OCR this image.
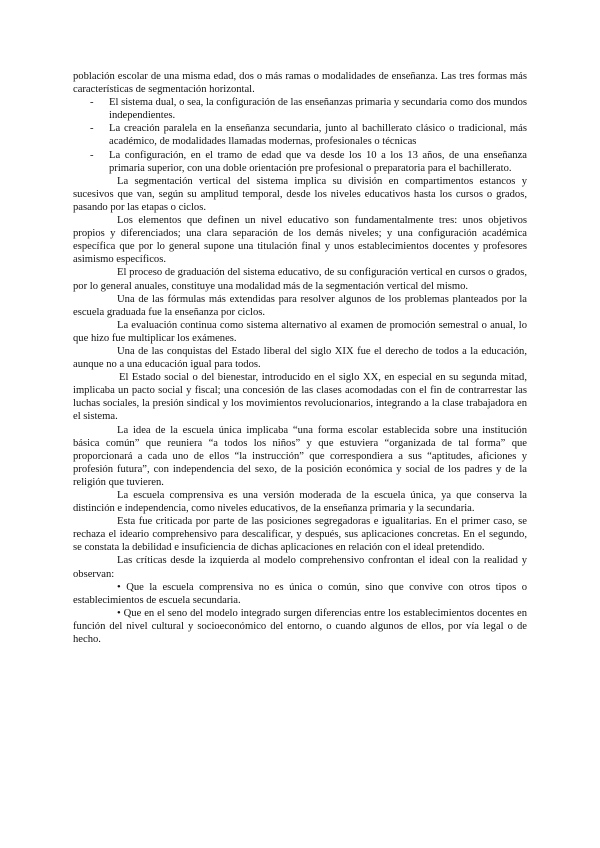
población escolar de una misma edad, dos o más ramas o modalidades de enseñanza. Las tres formas más características de segmentación horizontal.

- El sistema dual, o sea, la configuración de las enseñanzas primaria y secundaria como dos mundos independientes.
- La creación paralela en la enseñanza secundaria, junto al bachillerato clásico o tradicional, más académico, de modalidades llamadas modernas, profesionales o técnicas
- La configuración, en el tramo de edad que va desde los 10 a los 13 años, de una enseñanza primaria superior, con una doble orientación pre profesional o preparatoria para el bachillerato.

La segmentación vertical del sistema implica su división en compartimentos estancos y sucesivos que van, según su amplitud temporal, desde los niveles educativos hasta los cursos o grados, pasando por las etapas o ciclos.

Los elementos que definen un nivel educativo son fundamentalmente tres: unos objetivos propios y diferenciados; una clara separación de los demás niveles; y una configuración académica específica que por lo general supone una titulación final y unos establecimientos docentes y profesores asimismo específicos.

El proceso de graduación del sistema educativo, de su configuración vertical en cursos o grados, por lo general anuales, constituye una modalidad más de la segmentación vertical del mismo.

Una de las fórmulas más extendidas para resolver algunos de los problemas planteados por la escuela graduada fue la enseñanza por ciclos.

La evaluación continua como sistema alternativo al examen de promoción semestral o anual, lo que hizo fue multiplicar los exámenes.

Una de las conquistas del Estado liberal del siglo XIX fue el derecho de todos a la educación, aunque no a una educación igual para todos.

El Estado social o del bienestar, introducido en el siglo XX, en especial en su segunda mitad, implicaba un pacto social y fiscal; una concesión de las clases acomodadas con el fin de contrarrestar las luchas sociales, la presión sindical y los movimientos revolucionarios, integrando a la clase trabajadora en el sistema.

La idea de la escuela única implicaba “una forma escolar establecida sobre una institución básica común” que reuniera “a todos los niños” y que estuviera “organizada de tal forma” que proporcionará a cada uno de ellos “la instrucción” que correspondiera a sus “aptitudes, aficiones y profesión futura”, con independencia del sexo, de la posición económica y social de los padres y de la religión que tuvieren.

La escuela comprensiva es una versión moderada de la escuela única, ya que conserva la distinción e independencia, como niveles educativos, de la enseñanza primaria y la secundaria.

Esta fue criticada por parte de las posiciones segregadoras e igualitarias. En el primer caso, se rechaza el ideario comprehensivo para descalificar, y después, sus aplicaciones concretas. En el segundo, se constata la debilidad e insuficiencia de dichas aplicaciones en relación con el ideal pretendido.

Las críticas desde la izquierda al modelo comprehensivo confrontan el ideal con la realidad y observan:

• Que la escuela comprensiva no es única o común, sino que convive con otros tipos o establecimientos de escuela secundaria.

• Que en el seno del modelo integrado surgen diferencias entre los establecimientos docentes en función del nivel cultural y socioeconómico del entorno, o cuando algunos de ellos, por vía legal o de hecho.
